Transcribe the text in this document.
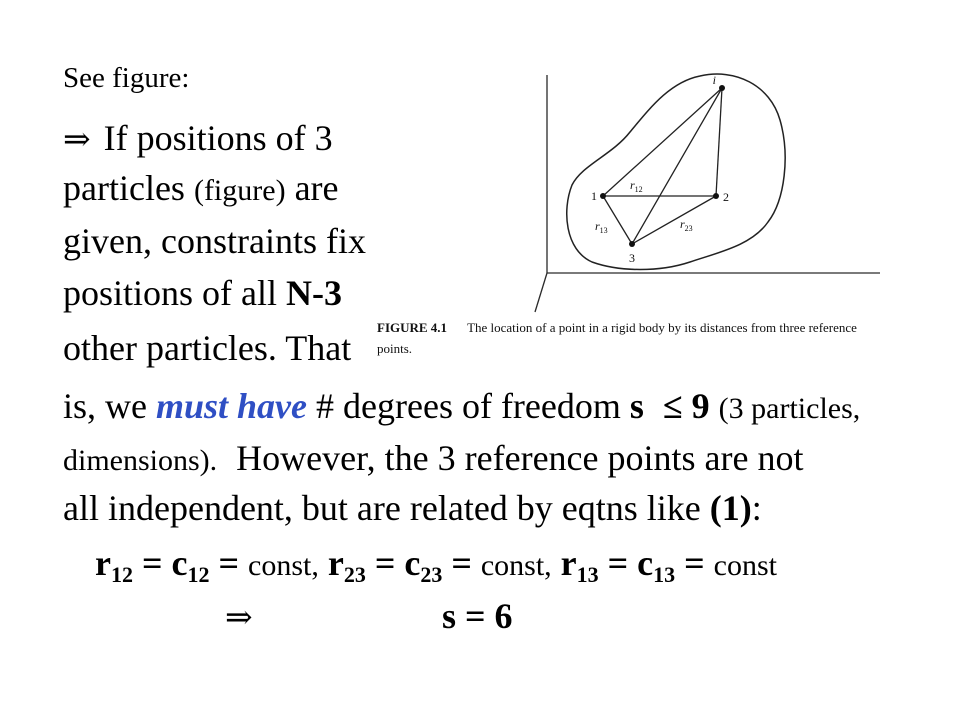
See figure:
⇒ If positions of 3
particles (figure) are
given, constraints fix
positions of all N-3
other particles. That
is, we must have # degrees of freedom s ≤ 9 (3 particles,
dimensions). However, the 3 reference points are not
all independent, but are related by eqtns like (1):
r12 = c12 = const, r23 = c23 = const, r13 = c13 = const
⇒	s = 6
i
1	2
3
$r_{12}$
$r_{13}$	$r_{23}$
FIGURE 4.1 The location of a point in a rigid body by its distances from three reference
points.
